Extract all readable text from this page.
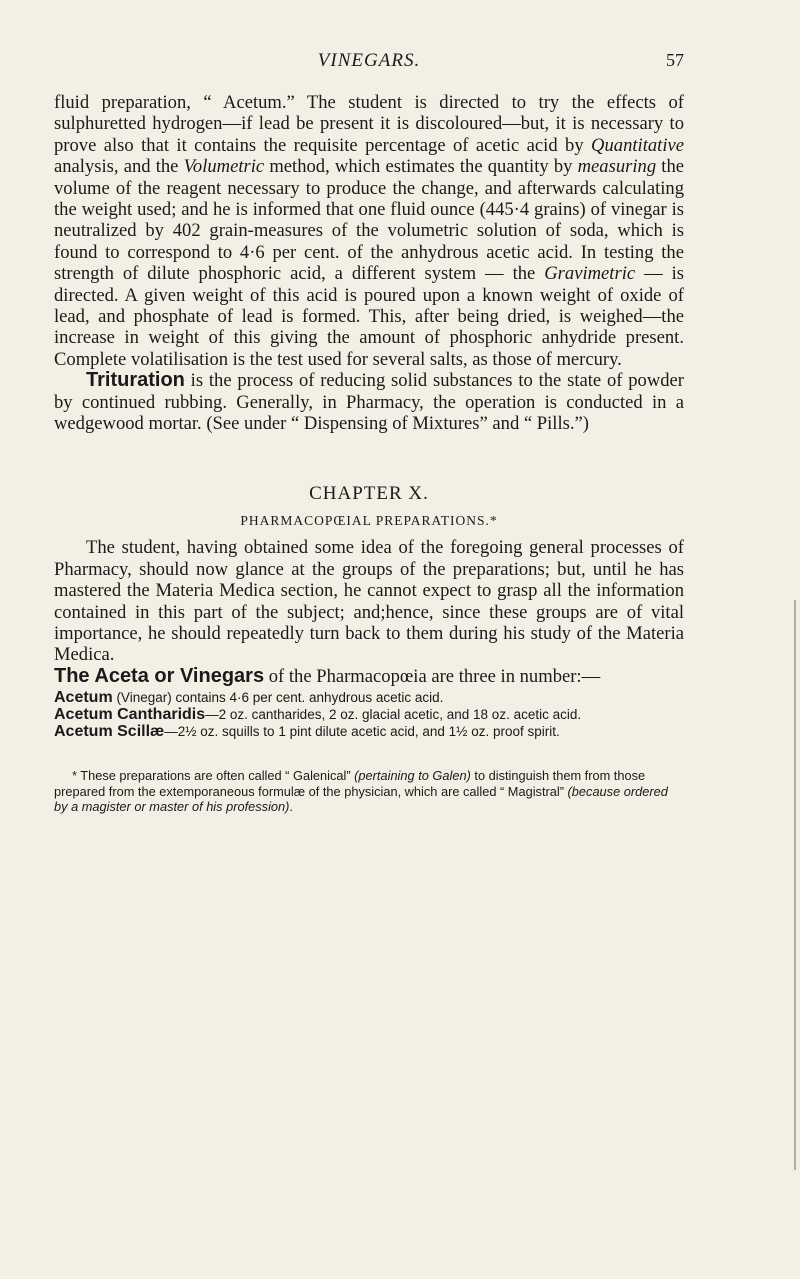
VINEGARS.	57

fluid preparation, “ Acetum.” The student is directed to try the effects of sulphuretted hydrogen—if lead be present it is discoloured—but, it is necessary to prove also that it contains the requisite percentage of acetic acid by Quantitative analysis, and the Volumetric method, which estimates the quantity by measuring the volume of the reagent necessary to produce the change, and afterwards calculating the weight used; and he is informed that one fluid ounce (445·4 grains) of vinegar is neutralized by 402 grain-measures of the volumetric solution of soda, which is found to correspond to 4·6 per cent. of the anhydrous acetic acid. In testing the strength of dilute phosphoric acid, a different system — the Gravimetric — is directed. A given weight of this acid is poured upon a known weight of oxide of lead, and phosphate of lead is formed. This, after being dried, is weighed—the increase in weight of this giving the amount of phosphoric anhydride present. Complete volatilisation is the test used for several salts, as those of mercury.

Trituration is the process of reducing solid substances to the state of powder by continued rubbing. Generally, in Pharmacy, the operation is conducted in a wedgewood mortar. (See under “ Dispensing of Mixtures” and “ Pills.”)

CHAPTER X.
PHARMACOPŒIAL PREPARATIONS.*

The student, having obtained some idea of the foregoing general processes of Pharmacy, should now glance at the groups of the preparations; but, until he has mastered the Materia Medica section, he cannot expect to grasp all the information contained in this part of the subject; and;hence, since these groups are of vital importance, he should repeatedly turn back to them during his study of the Materia Medica.

The Aceta or Vinegars of the Pharmacopœia are three in number:—

Acetum (Vinegar) contains 4·6 per cent. anhydrous acetic acid.
Acetum Cantharidis—2 oz. cantharides, 2 oz. glacial acetic, and 18 oz. acetic acid.
Acetum Scillæ—2½ oz. squills to 1 pint dilute acetic acid, and 1½ oz. proof spirit.
* These preparations are often called “ Galenical” (pertaining to Galen) to distinguish them from those prepared from the extemporaneous formulæ of the physician, which are called “ Magistral” (because ordered by a magister or master of his profession).
